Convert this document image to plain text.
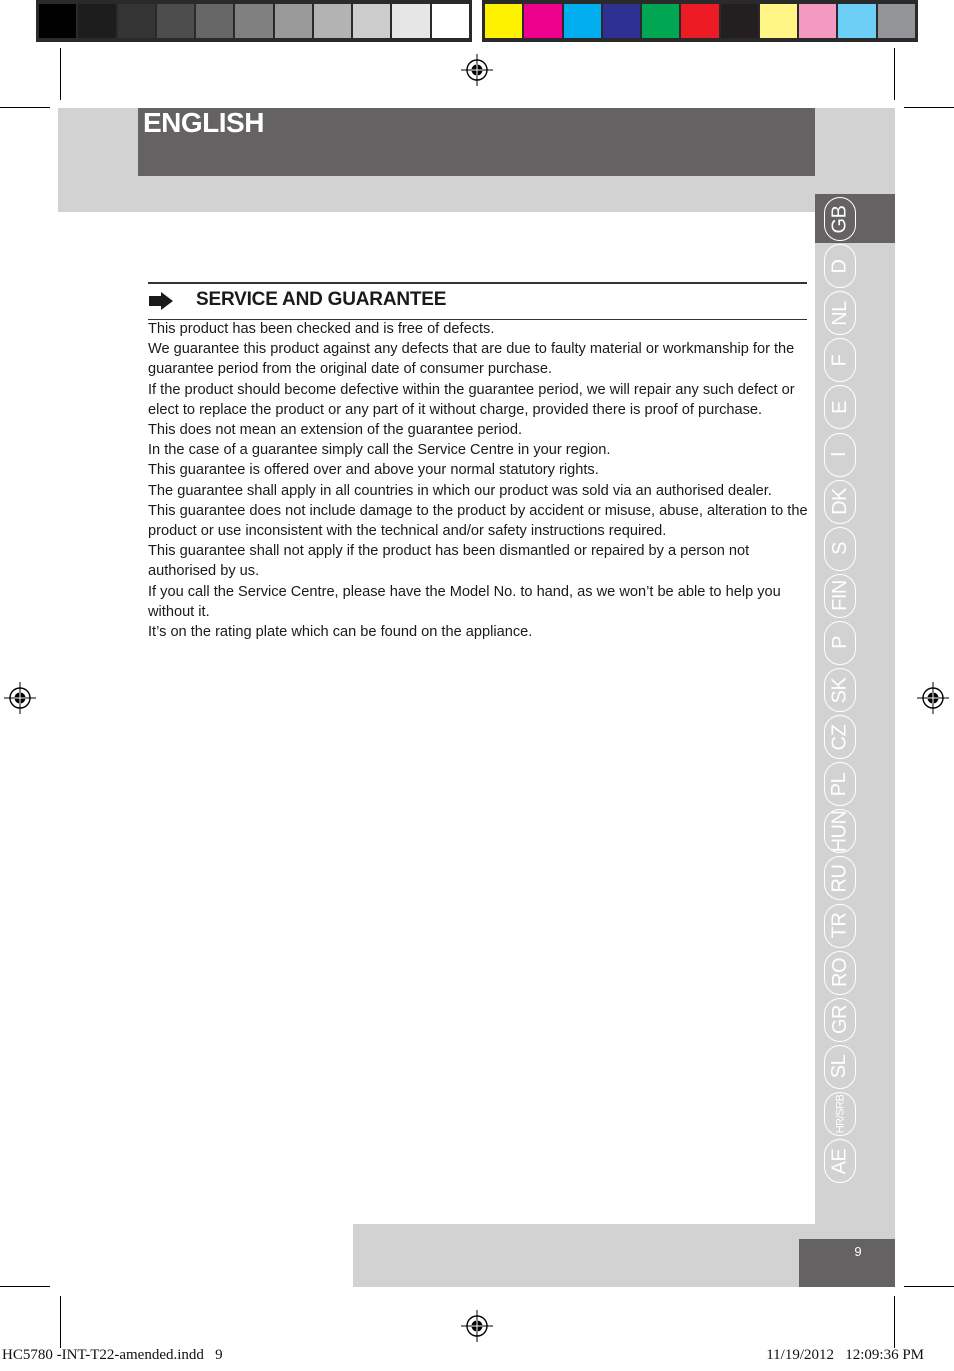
ENGLISH
GB
D
NL
F
E
I
DK
S
FIN
P
SK
CZ
PL
HUN
RU
TR
RO
GR
SL
HR/SRB
AE
SERVICE AND GUARANTEE

This product has been checked and is free of defects.

We guarantee this product against any defects that are due to faulty material or workmanship for the guarantee period from the original date of consumer purchase.

If the product should become defective within the guarantee period, we will repair any such defect or elect to replace the product or any part of it without charge, provided there is proof of purchase.

This does not mean an extension of the guarantee period.

In the case of a guarantee simply call the Service Centre in your region.

This guarantee is offered over and above your normal statutory rights.

The guarantee shall apply in all countries in which our product was sold via an authorised dealer.

This guarantee does not include damage to the product by accident or misuse, abuse, alteration to the product or use inconsistent with the technical and/or safety instructions required.

This guarantee shall not apply if the product has been dismantled or repaired by a person not authorised by us.

If you call the Service Centre, please have the Model No. to hand, as we won’t be able to help you without it.

It’s on the rating plate which can be found on the appliance.

9
HC5780 -INT-T22-amended.indd   9	11/19/2012   12:09:36 PM
